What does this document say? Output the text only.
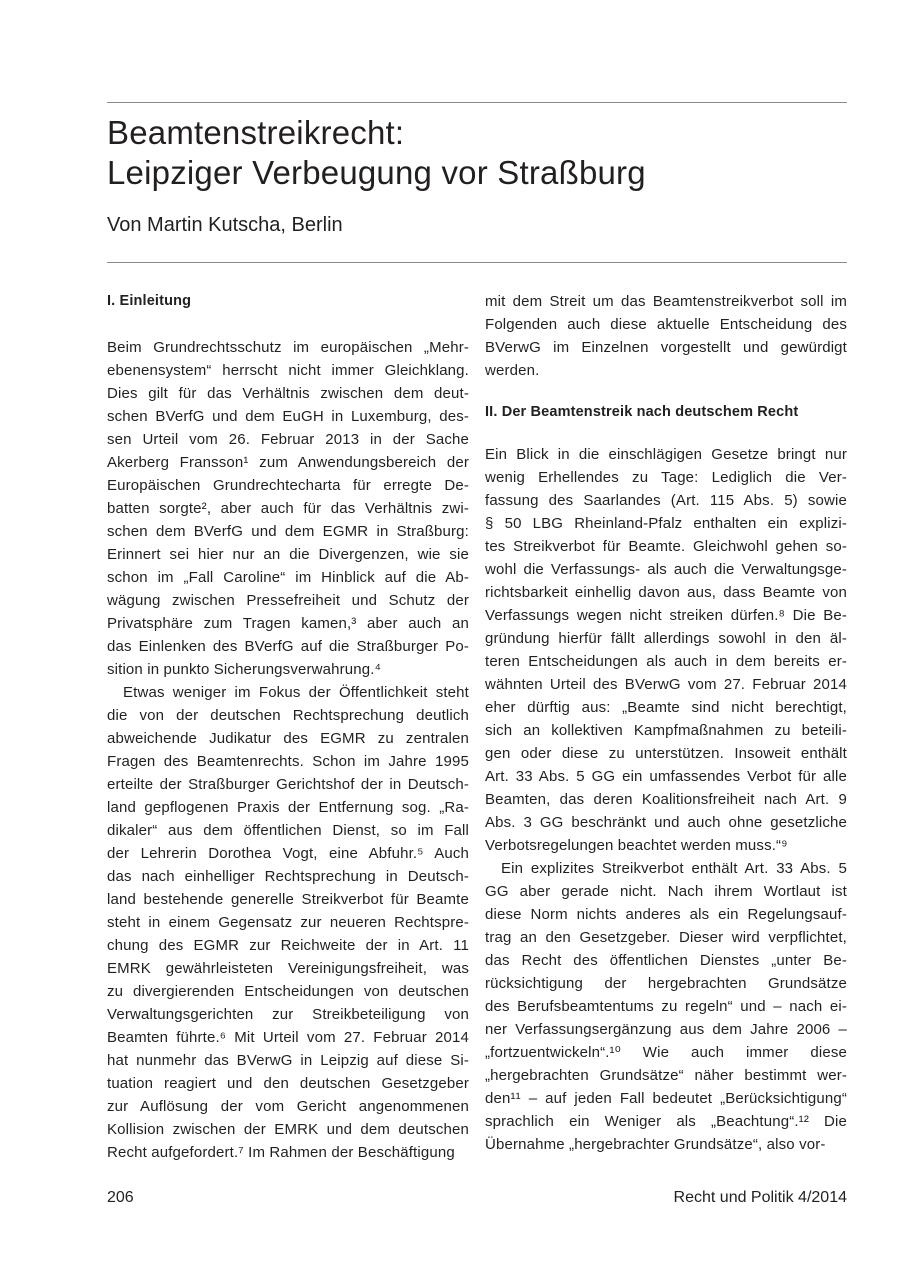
Beamtenstreikrecht:
Leipziger Verbeugung vor Straßburg

Von Martin Kutscha, Berlin

I. Einleitung
Beim Grundrechtsschutz im europäischen „Mehr-
ebenensystem“ herrscht nicht immer Gleichklang.
Dies gilt für das Verhältnis zwischen dem deut-
schen BVerfG und dem EuGH in Luxemburg, des-
sen Urteil vom 26. Februar 2013 in der Sache
Akerberg Fransson¹ zum Anwendungsbereich der
Europäischen Grundrechtecharta für erregte De-
batten sorgte², aber auch für das Verhältnis zwi-
schen dem BVerfG und dem EGMR in Straßburg:
Erinnert sei hier nur an die Divergenzen, wie sie
schon im „Fall Caroline“ im Hinblick auf die Ab-
wägung zwischen Pressefreiheit und Schutz der
Privatsphäre zum Tragen kamen,³ aber auch an
das Einlenken des BVerfG auf die Straßburger Po-
sition in punkto Sicherungsverwahrung.⁴
Etwas weniger im Fokus der Öffentlichkeit steht
die von der deutschen Rechtsprechung deutlich
abweichende Judikatur des EGMR zu zentralen
Fragen des Beamtenrechts. Schon im Jahre 1995
erteilte der Straßburger Gerichtshof der in Deutsch-
land gepflogenen Praxis der Entfernung sog. „Ra-
dikaler“ aus dem öffentlichen Dienst, so im Fall
der Lehrerin Dorothea Vogt, eine Abfuhr.⁵ Auch
das nach einhelliger Rechtsprechung in Deutsch-
land bestehende generelle Streikverbot für Beamte
steht in einem Gegensatz zur neueren Rechtspre-
chung des EGMR zur Reichweite der in Art. 11
EMRK gewährleisteten Vereinigungsfreiheit, was
zu divergierenden Entscheidungen von deutschen
Verwaltungsgerichten zur Streikbeteiligung von
Beamten führte.⁶ Mit Urteil vom 27. Februar 2014
hat nunmehr das BVerwG in Leipzig auf diese Si-
tuation reagiert und den deutschen Gesetzgeber
zur Auflösung der vom Gericht angenommenen
Kollision zwischen der EMRK und dem deutschen
Recht aufgefordert.⁷ Im Rahmen der Beschäftigung
mit dem Streit um das Beamtenstreikverbot soll im
Folgenden auch diese aktuelle Entscheidung des
BVerwG im Einzelnen vorgestellt und gewürdigt
werden.
II. Der Beamtenstreik nach deutschem Recht
Ein Blick in die einschlägigen Gesetze bringt nur
wenig Erhellendes zu Tage: Lediglich die Ver-
fassung des Saarlandes (Art. 115 Abs. 5) sowie
§ 50 LBG Rheinland-Pfalz enthalten ein explizi-
tes Streikverbot für Beamte. Gleichwohl gehen so-
wohl die Verfassungs- als auch die Verwaltungsge-
richtsbarkeit einhellig davon aus, dass Beamte von
Verfassungs wegen nicht streiken dürfen.⁸ Die Be-
gründung hierfür fällt allerdings sowohl in den äl-
teren Entscheidungen als auch in dem bereits er-
wähnten Urteil des BVerwG vom 27. Februar 2014
eher dürftig aus: „Beamte sind nicht berechtigt,
sich an kollektiven Kampfmaßnahmen zu beteili-
gen oder diese zu unterstützen. Insoweit enthält
Art. 33 Abs. 5 GG ein umfassendes Verbot für alle
Beamten, das deren Koalitionsfreiheit nach Art. 9
Abs. 3 GG beschränkt und auch ohne gesetzliche
Verbotsregelungen beachtet werden muss.“⁹
Ein explizites Streikverbot enthält Art. 33 Abs. 5
GG aber gerade nicht. Nach ihrem Wortlaut ist
diese Norm nichts anderes als ein Regelungsauf-
trag an den Gesetzgeber. Dieser wird verpflichtet,
das Recht des öffentlichen Dienstes „unter Be-
rücksichtigung der hergebrachten Grundsätze
des Berufsbeamtentums zu regeln“ und – nach ei-
ner Verfassungsergänzung aus dem Jahre 2006 –
„fortzuentwickeln“.¹⁰ Wie auch immer diese
„hergebrachten Grundsätze“ näher bestimmt wer-
den¹¹ – auf jeden Fall bedeutet „Berücksichtigung“
sprachlich ein Weniger als „Beachtung“.¹² Die
Übernahme „hergebrachter Grundsätze“, also vor-
206	Recht und Politik 4/2014
